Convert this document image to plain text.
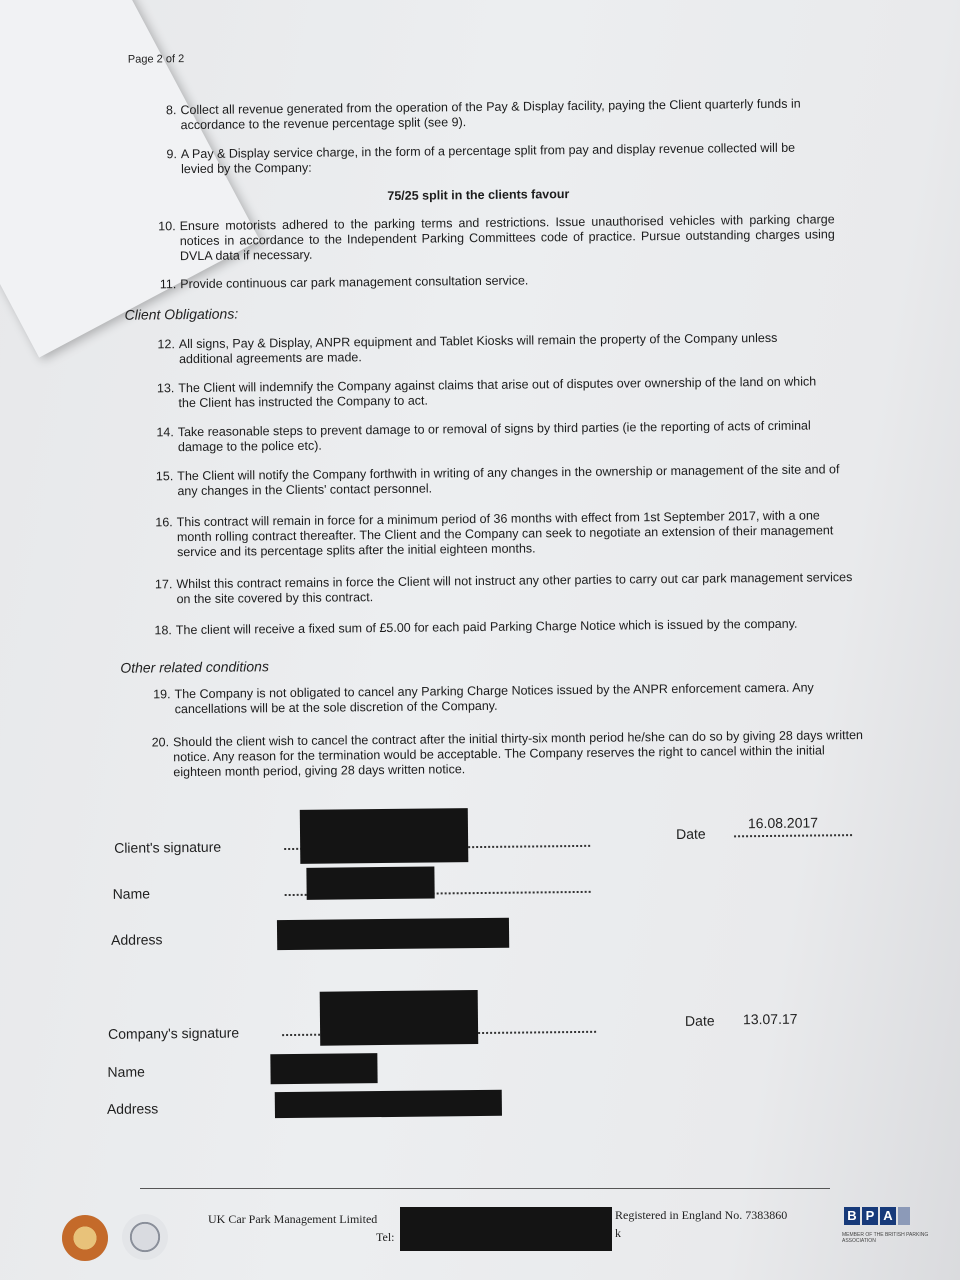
Page 2 of 2
8. Collect all revenue generated from the operation of the Pay & Display facility, paying the Client quarterly funds in accordance to the revenue percentage split (see 9).
9. A Pay & Display service charge, in the form of a percentage split from pay and display revenue collected will be levied by the Company:
75/25 split in the clients favour
10. Ensure motorists adhered to the parking terms and restrictions. Issue unauthorised vehicles with parking charge notices in accordance to the Independent Parking Committees code of practice. Pursue outstanding charges using DVLA data if necessary.
11. Provide continuous car park management consultation service.
Client Obligations:
12. All signs, Pay & Display, ANPR equipment and Tablet Kiosks will remain the property of the Company unless additional agreements are made.
13. The Client will indemnify the Company against claims that arise out of disputes over ownership of the land on which the Client has instructed the Company to act.
14. Take reasonable steps to prevent damage to or removal of signs by third parties (ie the reporting of acts of criminal damage to the police etc).
15. The Client will notify the Company forthwith in writing of any changes in the ownership or management of the site and of any changes in the Clients' contact personnel.
16. This contract will remain in force for a minimum period of 36 months with effect from 1st September 2017, with a one month rolling contract thereafter. The Client and the Company can seek to negotiate an extension of their management service and its percentage splits after the initial eighteen months.
17. Whilst this contract remains in force the Client will not instruct any other parties to carry out car park management services on the site covered by this contract.
18. The client will receive a fixed sum of £5.00 for each paid Parking Charge Notice which is issued by the company.
Other related conditions
19. The Company is not obligated to cancel any Parking Charge Notices issued by the ANPR enforcement camera. Any cancellations will be at the sole discretion of the Company.
20. Should the client wish to cancel the contract after the initial thirty-six month period he/she can do so by giving 28 days written notice. Any reason for the termination would be acceptable. The Company reserves the right to cancel within the initial eighteen month period, giving 28 days written notice.
Client's signature
Date
16.08.2017
Name
Address
Company's signature
Date 13.07.17
Name
Address
UK Car Park Management Limited
Tel:
Registered in England No. 7383860
k
B P A
MEMBER OF THE BRITISH PARKING ASSOCIATION
